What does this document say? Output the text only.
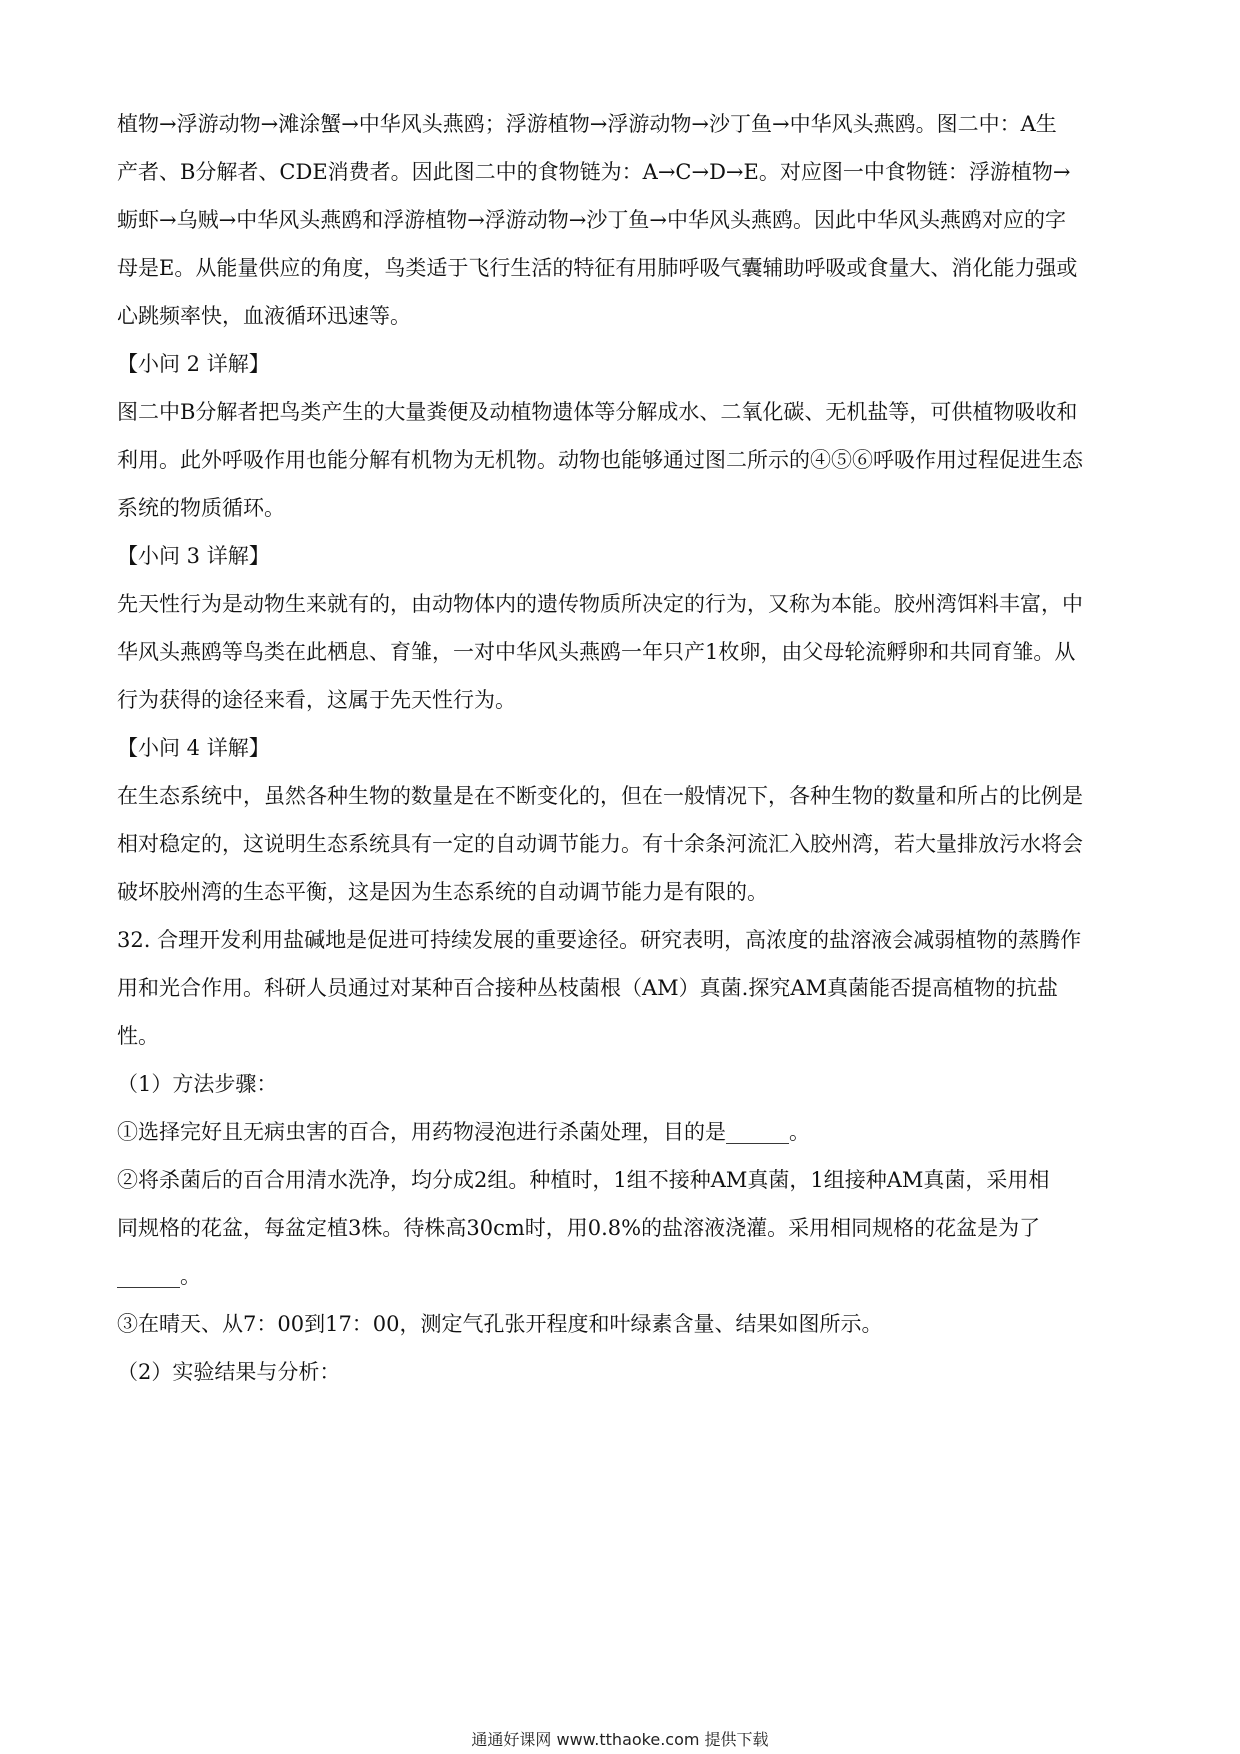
植物→浮游动物→滩涂蟹→中华风头燕鸥；浮游植物→浮游动物→沙丁鱼→中华风头燕鸥。图二中：A生
产者、B分解者、CDE消费者。因此图二中的食物链为：A→C→D→E。对应图一中食物链：浮游植物→
蛎虾→乌贼→中华风头燕鸥和浮游植物→浮游动物→沙丁鱼→中华风头燕鸥。因此中华风头燕鸥对应的字
母是E。从能量供应的角度，鸟类适于飞行生活的特征有用肺呼吸气囊辅助呼吸或食量大、消化能力强或
心跳频率快，血液循环迅速等。
【小问 2 详解】
图二中B分解者把鸟类产生的大量粪便及动植物遗体等分解成水、二氧化碳、无机盐等，可供植物吸收和
利用。此外呼吸作用也能分解有机物为无机物。动物也能够通过图二所示的④⑤⑥呼吸作用过程促进生态
系统的物质循环。
【小问 3 详解】
先天性行为是动物生来就有的，由动物体内的遗传物质所决定的行为，又称为本能。胶州湾饵料丰富，中
华风头燕鸥等鸟类在此栖息、育雏，一对中华风头燕鸥一年只产1枚卵，由父母轮流孵卵和共同育雏。从
行为获得的途径来看，这属于先天性行为。
【小问 4 详解】
在生态系统中，虽然各种生物的数量是在不断变化的，但在一般情况下，各种生物的数量和所占的比例是
相对稳定的，这说明生态系统具有一定的自动调节能力。有十余条河流汇入胶州湾，若大量排放污水将会
破坏胶州湾的生态平衡，这是因为生态系统的自动调节能力是有限的。
32. 合理开发利用盐碱地是促进可持续发展的重要途径。研究表明，高浓度的盐溶液会减弱植物的蒸腾作
用和光合作用。科研人员通过对某种百合接种丛枝菌根（AM）真菌.探究AM真菌能否提高植物的抗盐
性。
（1）方法步骤：
①选择完好且无病虫害的百合，用药物浸泡进行杀菌处理，目的是______。
②将杀菌后的百合用清水洗净，均分成2组。种植时，1组不接种AM真菌，1组接种AM真菌，采用相
同规格的花盆，每盆定植3株。待株高30cm时，用0.8%的盐溶液浇灌。采用相同规格的花盆是为了
______。
③在晴天、从7：00到17：00，测定气孔张开程度和叶绿素含量、结果如图所示。
（2）实验结果与分析：
通通好课网 www.tthaoke.com 提供下载
